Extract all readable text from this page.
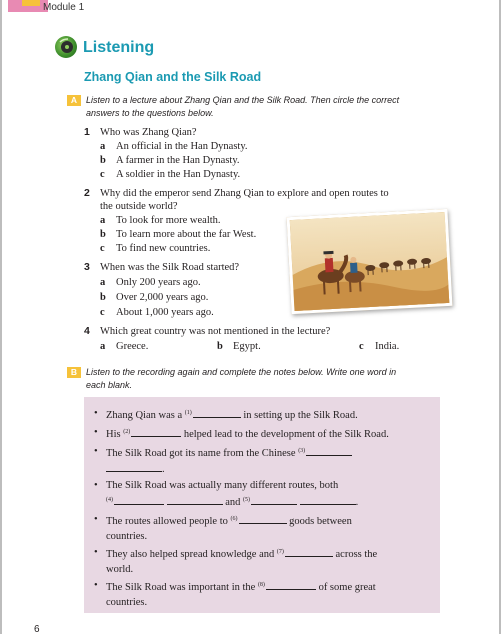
Module 1
Listening
Zhang Qian and the Silk Road
A Listen to a lecture about Zhang Qian and the Silk Road. Then circle the correct
answers to the questions below.
1 Who was Zhang Qian?
a An official in the Han Dynasty.
b A farmer in the Han Dynasty.
c A soldier in the Han Dynasty.
2 Why did the emperor send Zhang Qian to explore and open routes to
the outside world?
a To look for more wealth.
b To learn more about the far West.
c To find new countries.
3 When was the Silk Road started?
a Only 200 years ago.
b Over 2,000 years ago.
c About 1,000 years ago.
4 Which great country was not mentioned in the lecture?
a Greece.	b Egypt.	c India.
B Listen to the recording again and complete the notes below. Write one word in
each blank.
• Zhang Qian was a $^{(1)}$	in setting up the Silk Road.
• His $^{(2)}$	helped lead to the development of the Silk Road.
• The Silk Road got its name from the Chinese $^{(3)}$
.
• The Silk Road was actually many different routes, both
$^{(4)}$	and $^{(5)}$	.
• The routes allowed people to $^{(6)}$	goods between
countries.
• They also helped spread knowledge and $^{(7)}$	across the
world.
• The Silk Road was important in the $^{(8)}$	of some great
countries.
6
